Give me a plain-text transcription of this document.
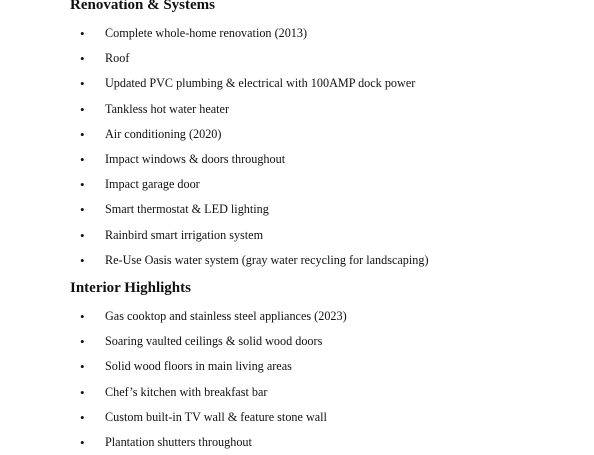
Renovation & Systems
• Complete whole-home renovation (2013)
• Roof
• Updated PVC plumbing & electrical with 100AMP dock power
• Tankless hot water heater
• Air conditioning (2020)
• Impact windows & doors throughout
• Impact garage door
• Smart thermostat & LED lighting
• Rainbird smart irrigation system
• Re-Use Oasis water system (gray water recycling for landscaping)
Interior Highlights
• Gas cooktop and stainless steel appliances (2023)
• Soaring vaulted ceilings & solid wood doors
• Solid wood floors in main living areas
• Chef’s kitchen with breakfast bar
• Custom built-in TV wall & feature stone wall
• Plantation shutters throughout
